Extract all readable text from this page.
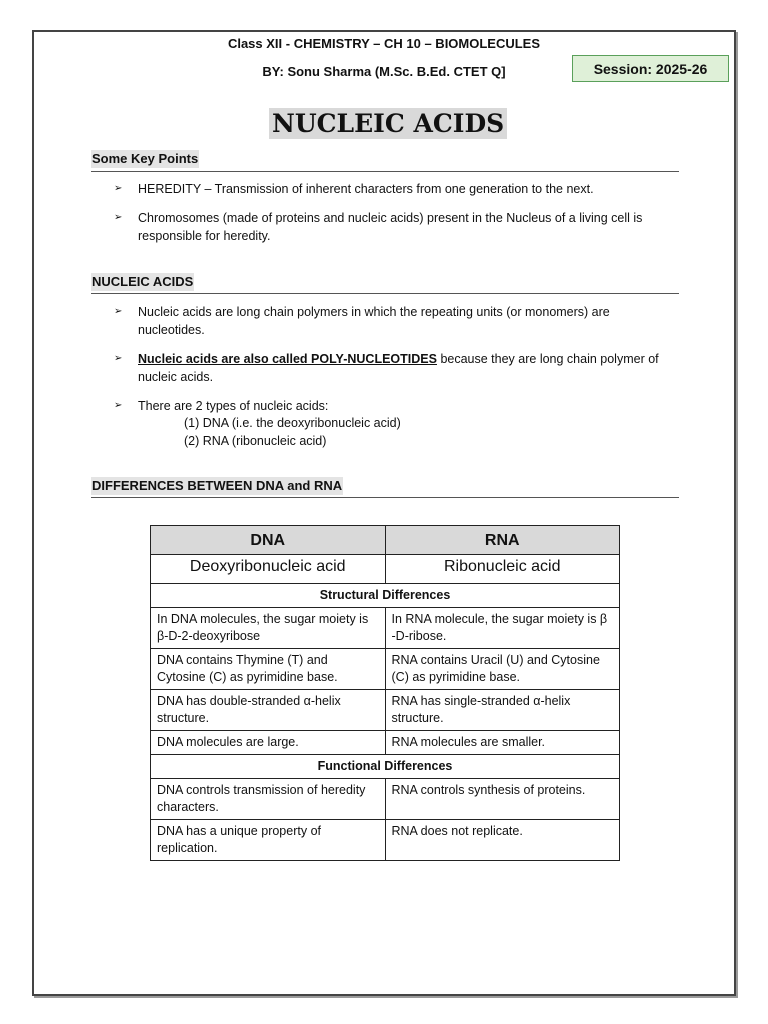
Class XII - CHEMISTRY – CH 10 – BIOMOLECULES
BY: Sonu Sharma (M.Sc. B.Ed. CTET Q]	Session: 2025-26
NUCLEIC ACIDS
Some Key Points
➢ HEREDITY – Transmission of inherent characters from one generation to the next.
➢ Chromosomes (made of proteins and nucleic acids) present in the Nucleus of a living cell is responsible for heredity.
NUCLEIC ACIDS
➢ Nucleic acids are long chain polymers in which the repeating units (or monomers) are nucleotides.
➢ Nucleic acids are also called POLY-NUCLEOTIDES because they are long chain polymer of nucleic acids.
➢ There are 2 types of nucleic acids:
(1) DNA (i.e. the deoxyribonucleic acid)
(2) RNA (ribonucleic acid)
DIFFERENCES BETWEEN DNA and RNA
DNA	RNA
Deoxyribonucleic acid	Ribonucleic acid
Structural Differences	
In DNA molecules, the sugar moiety is β-D-2-deoxyribose	In RNA molecule, the sugar moiety is β -D-ribose.
DNA contains Thymine (T) and Cytosine (C) as pyrimidine base.	RNA contains Uracil (U) and Cytosine (C) as pyrimidine base.
DNA has double-stranded α-helix structure.	RNA has single-stranded α-helix structure.
DNA molecules are large.	RNA molecules are smaller.
Functional Differences	
DNA controls transmission of heredity characters.	RNA controls synthesis of proteins.
DNA has a unique property of replication.	RNA does not replicate.
